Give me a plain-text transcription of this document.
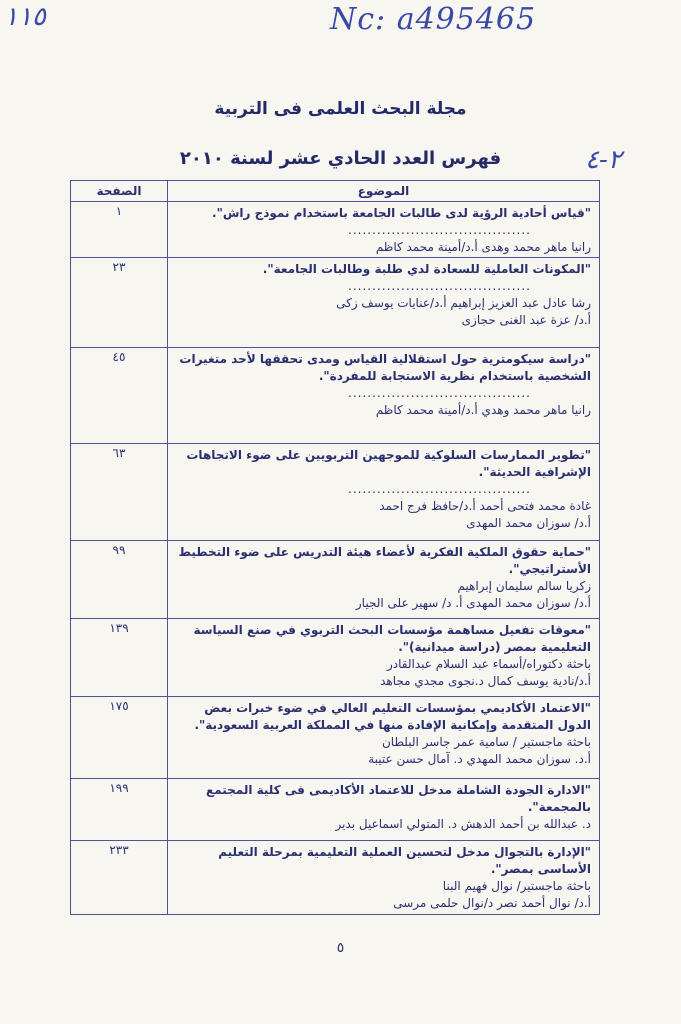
١١٥	Nc: a495465
٢-٤
مجلة البحث العلمى فى التربية
فهرس العدد الحادي عشر لسنة ٢٠١٠
الموضوع
الصفحة
"قياس أحادية الرؤية لدى طالبات الجامعة باستخدام نموذج راش".
......................................
رانيا ماهر محمد وهدى أ.د/أمينة محمد كاظم
١
"المكونات العاملية للسعادة لدي طلبة وطالبات الجامعة".
......................................
رشا عادل عبد العزيز إبراهيم أ.د/عنايات يوسف زكى
أ.د/ عزة عبد الغنى حجازى
٢٣
"دراسة سيكومترية حول استقلالية القياس ومدى تحققها لأحد متغيرات الشخصية باستخدام نظرية الاستجابة للمفردة".
......................................
رانيا ماهر محمد وهدي أ.د/أمينة محمد كاظم
٤٥
"تطوير الممارسات السلوكية للموجهين التربويين على ضوء الاتجاهات الإشرافية الحديثة".
......................................
غادة محمد فتحى أحمد أ.د/حافظ فرج احمد
أ.د/ سوزان محمد المهدى
٦٣
"حماية حقوق الملكية الفكرية لأعضاء هيئة التدريس على ضوء التخطيط الأستراتيجي".
زكريا سالم سليمان إبراهيم
أ.د/ سوزان محمد المهدى أ. د/ سهير على الجيار
٩٩
"معوقات تفعيل مساهمة مؤسسات البحث التربوي في صنع السياسة التعليمية بمصر (دراسة ميدانية)".
باحثة دكتوراه/أسماء عبد السلام عبدالقادر
أ.د/نادية يوسف كمال د.نجوى مجدي مجاهد
١٣٩
"الاعتماد الأكاديمي بمؤسسات التعليم العالي في ضوء خبرات بعض الدول المتقدمة وإمكانية الإفادة منها في المملكة العربية السعودية".
باحثة ماجستير / سامية عمر جاسر البلطان
أ.د. سوزان محمد المهدي د. آمال حسن عتيبة
١٧٥
"الادارة الجودة الشاملة مدخل للاعتماد الأكاديمى فى كلية المجتمع بالمجمعة".
د. عبدالله بن أحمد الدهش د. المتولي اسماعيل بدير
١٩٩
"الإدارة بالتجوال مدخل لتحسين العملية التعليمية بمرحلة التعليم الأساسى بمصر".
باحثة ماجستير/ نوال فهيم البنا
أ.د/ نوال أحمد نصر د/نوال حلمى مرسى
٢٣٣
٥
